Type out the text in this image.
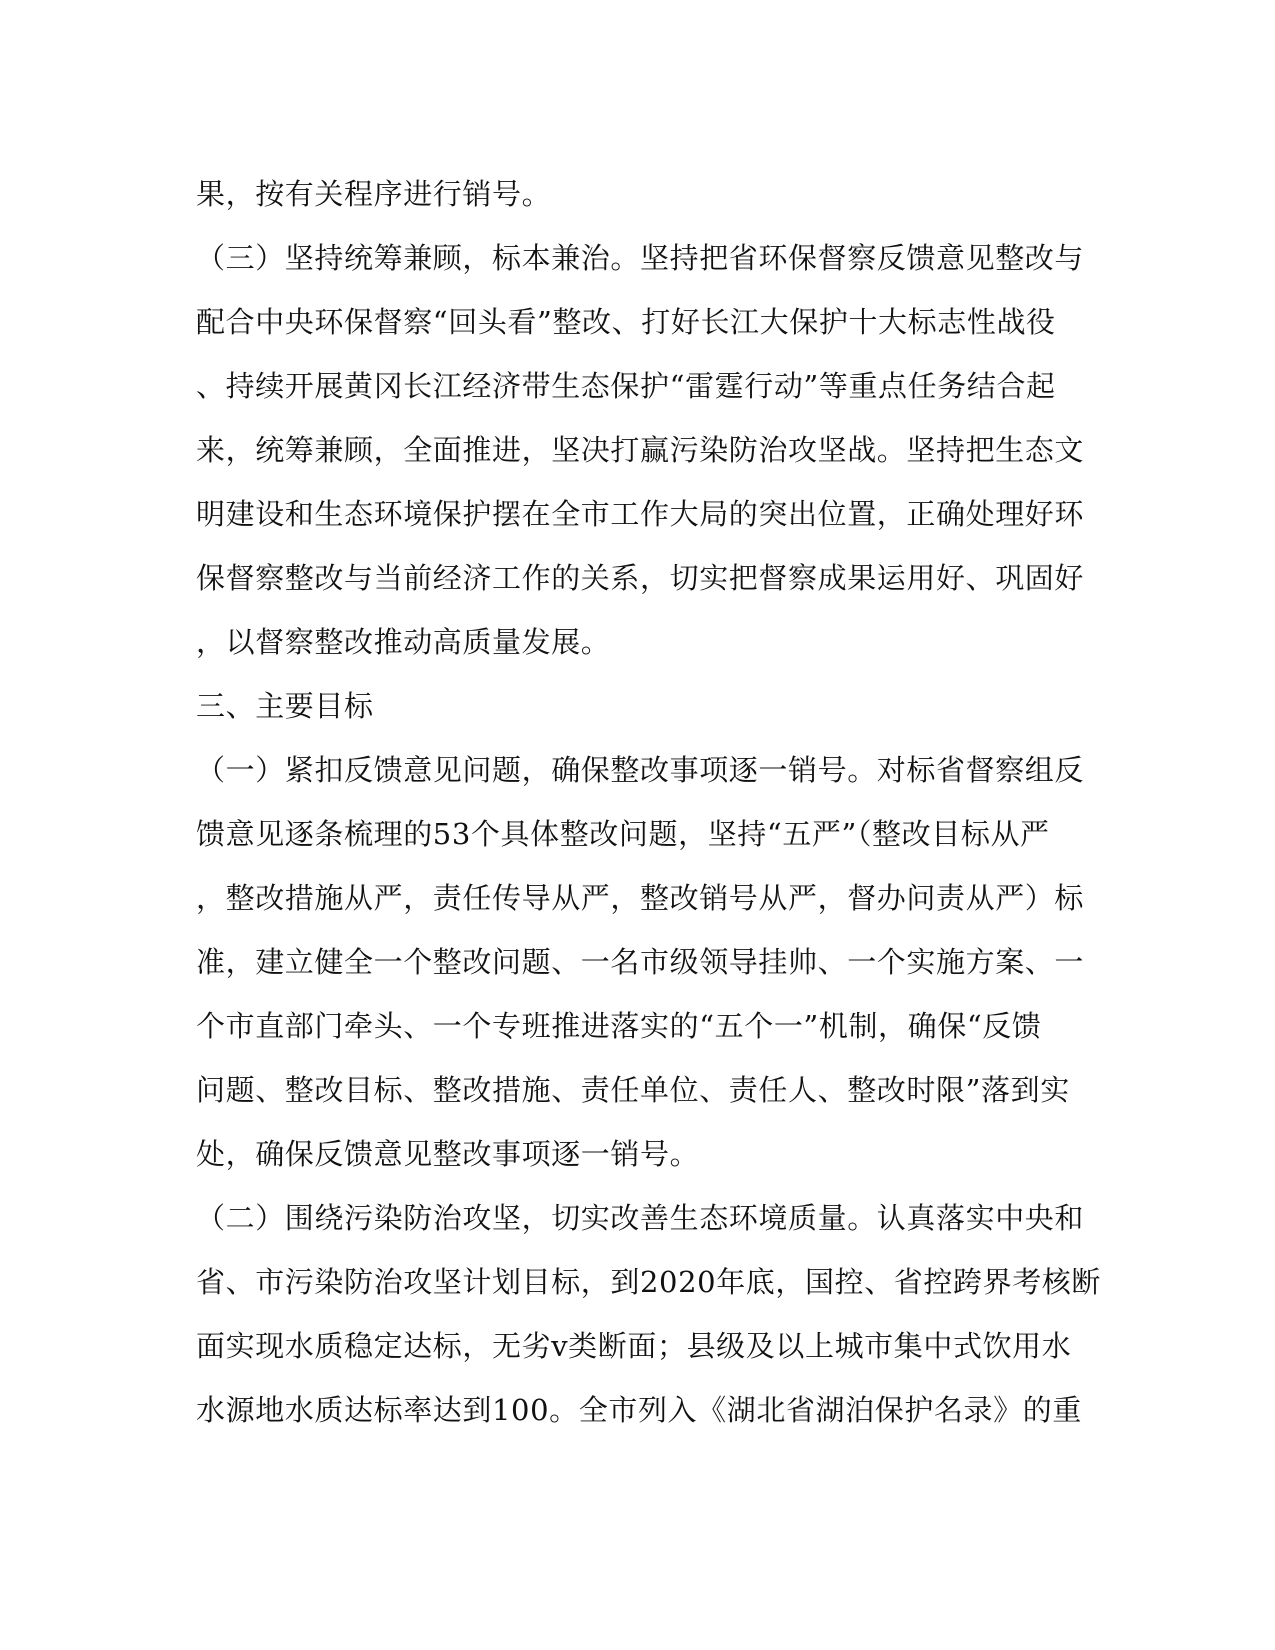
果，按有关程序进行销号。
（三）坚持统筹兼顾，标本兼治。坚持把省环保督察反馈意见整改与
配合中央环保督察“回头看”整改、打好长江大保护十大标志性战役
、持续开展黄冈长江经济带生态保护“雷霆行动”等重点任务结合起
来，统筹兼顾，全面推进，坚决打赢污染防治攻坚战。坚持把生态文
明建设和生态环境保护摆在全市工作大局的突出位置，正确处理好环
保督察整改与当前经济工作的关系，切实把督察成果运用好、巩固好
，以督察整改推动高质量发展。
三、主要目标
（一）紧扣反馈意见问题，确保整改事项逐一销号。对标省督察组反
馈意见逐条梳理的53个具体整改问题，坚持“五严”（整改目标从严
，整改措施从严，责任传导从严，整改销号从严，督办问责从严）标
准，建立健全一个整改问题、一名市级领导挂帅、一个实施方案、一
个市直部门牵头、一个专班推进落实的“五个一”机制，确保“反馈
问题、整改目标、整改措施、责任单位、责任人、整改时限”落到实
处，确保反馈意见整改事项逐一销号。
（二）围绕污染防治攻坚，切实改善生态环境质量。认真落实中央和
省、市污染防治攻坚计划目标，到2020年底，国控、省控跨界考核断
面实现水质稳定达标，无劣v类断面；县级及以上城市集中式饮用水
水源地水质达标率达到100。全市列入《湖北省湖泊保护名录》的重
